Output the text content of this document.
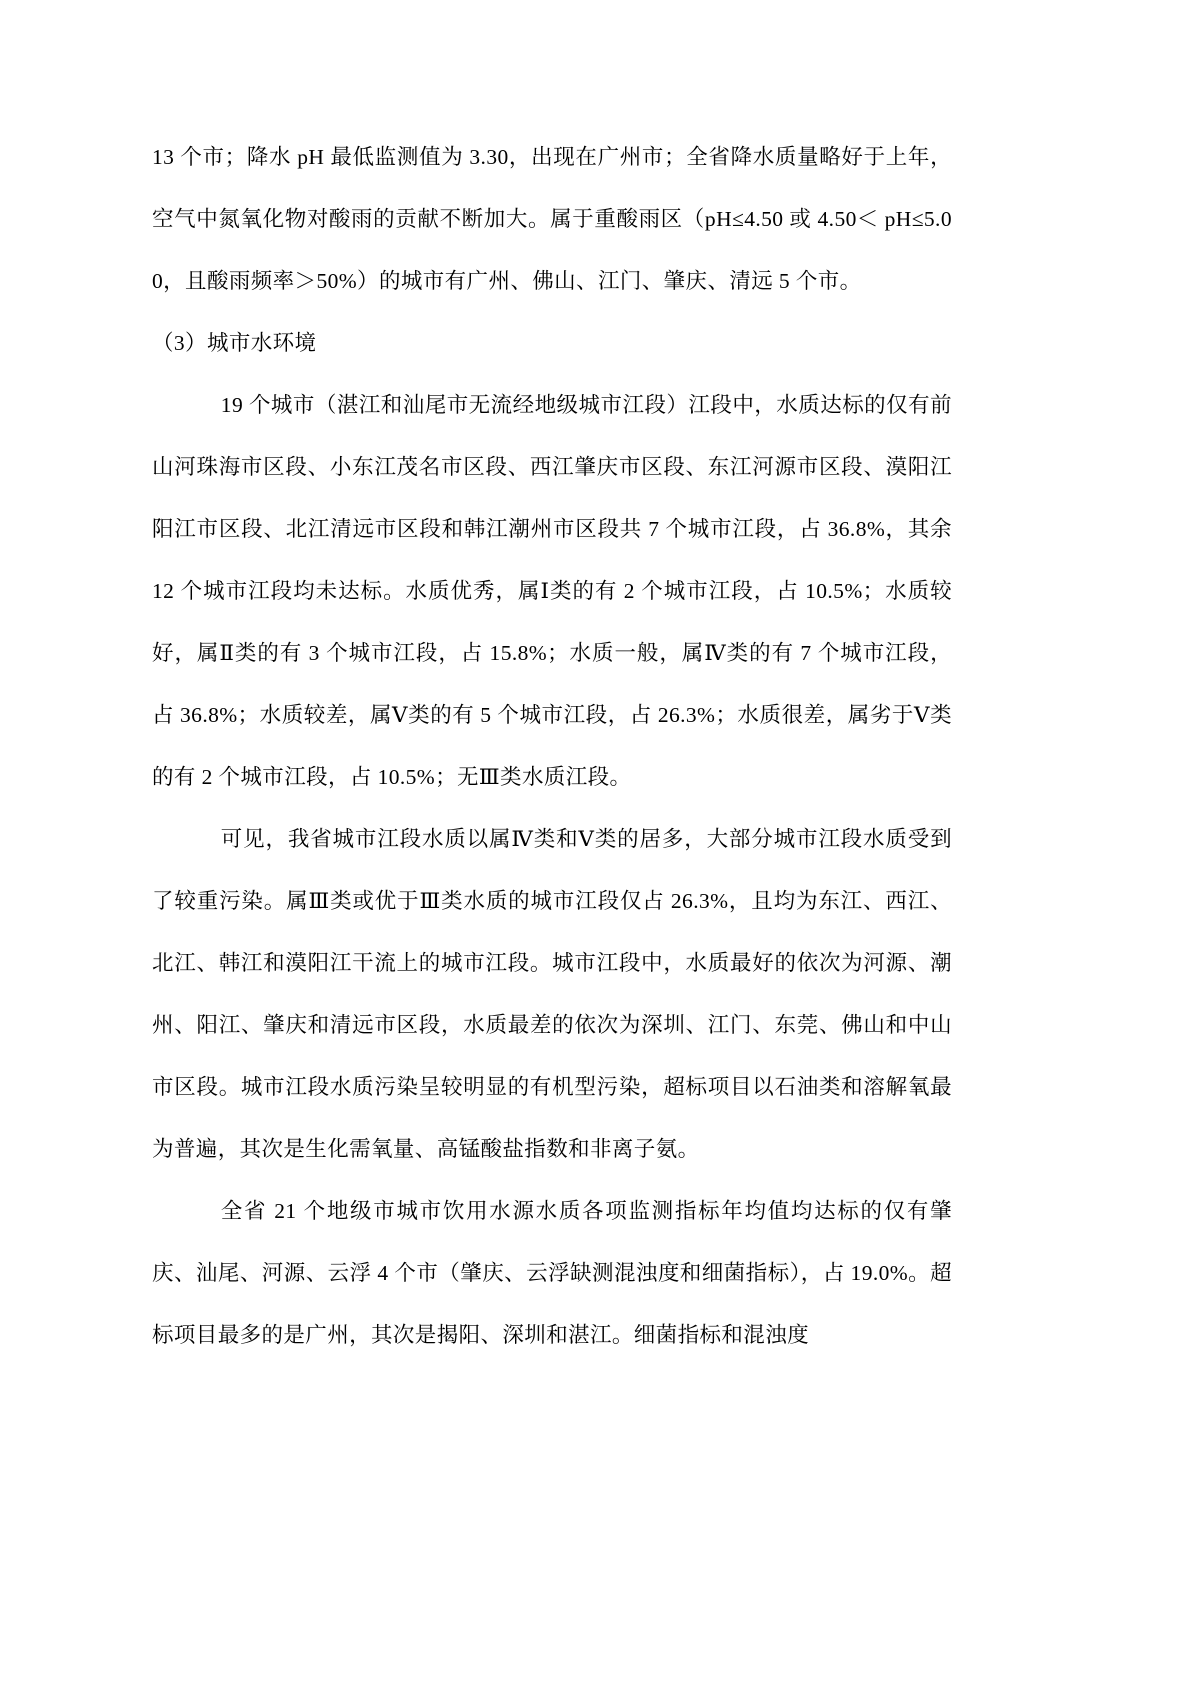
13 个市；降水 pH 最低监测值为 3.30，出现在广州市；全省降水质量略好于上年，空气中氮氧化物对酸雨的贡献不断加大。属于重酸雨区（pH≤4.50 或 4.50＜ pH≤5.00，且酸雨频率＞50%）的城市有广州、佛山、江门、肇庆、清远 5 个市。

（3）城市水环境

19 个城市（湛江和汕尾市无流经地级城市江段）江段中，水质达标的仅有前山河珠海市区段、小东江茂名市区段、西江肇庆市区段、东江河源市区段、漠阳江阳江市区段、北江清远市区段和韩江潮州市区段共 7 个城市江段，占 36.8%，其余 12 个城市江段均未达标。水质优秀，属Ⅰ类的有 2 个城市江段，占 10.5%；水质较好，属Ⅱ类的有 3 个城市江段，占 15.8%；水质一般，属Ⅳ类的有 7 个城市江段，占 36.8%；水质较差，属Ⅴ类的有 5 个城市江段，占 26.3%；水质很差，属劣于Ⅴ类的有 2 个城市江段，占 10.5%；无Ⅲ类水质江段。

可见，我省城市江段水质以属Ⅳ类和Ⅴ类的居多，大部分城市江段水质受到了较重污染。属Ⅲ类或优于Ⅲ类水质的城市江段仅占 26.3%，且均为东江、西江、北江、韩江和漠阳江干流上的城市江段。城市江段中，水质最好的依次为河源、潮州、阳江、肇庆和清远市区段，水质最差的依次为深圳、江门、东莞、佛山和中山市区段。城市江段水质污染呈较明显的有机型污染，超标项目以石油类和溶解氧最为普遍，其次是生化需氧量、高锰酸盐指数和非离子氨。

全省 21 个地级市城市饮用水源水质各项监测指标年均值均达标的仅有肇庆、汕尾、河源、云浮 4 个市（肇庆、云浮缺测混浊度和细菌指标），占 19.0%。超标项目最多的是广州，其次是揭阳、深圳和湛江。细菌指标和混浊度
